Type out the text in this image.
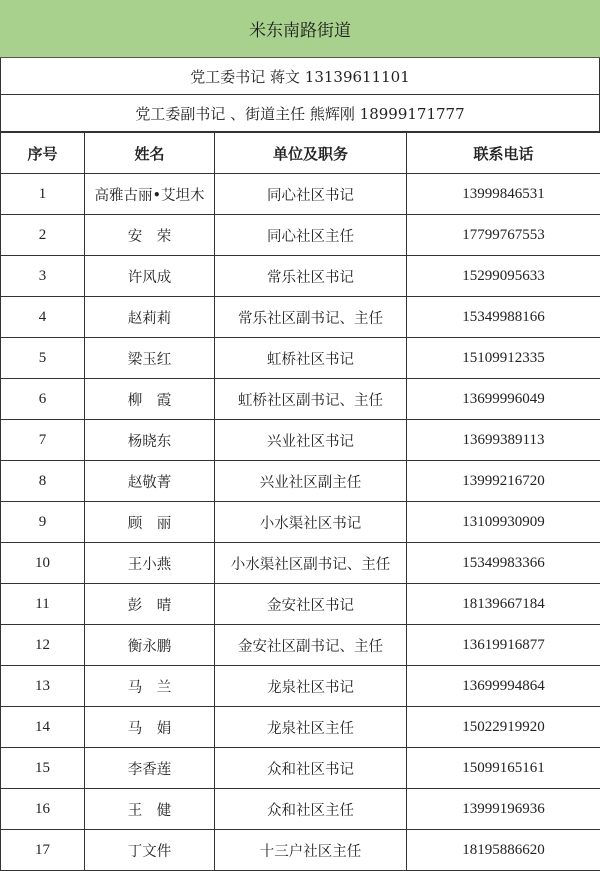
米东南路街道
党工委书记 蒋文 13139611101
党工委副书记 、街道主任 熊辉刚 18999171777
序号	姓名	单位及职务	联系电话
1	高雅古丽•艾坦木	同心社区书记	13999846531
2	安　荣	同心社区主任	17799767553
3	许风成	常乐社区书记	15299095633
4	赵莉莉	常乐社区副书记、主任	15349988166
5	梁玉红	虹桥社区书记	15109912335
6	柳　霞	虹桥社区副书记、主任	13699996049
7	杨晓东	兴业社区书记	13699389113
8	赵敬菁	兴业社区副主任	13999216720
9	顾　丽	小水渠社区书记	13109930909
10	王小燕	小水渠社区副书记、主任	15349983366
11	彭　晴	金安社区书记	18139667184
12	衡永鹏	金安社区副书记、主任	13619916877
13	马　兰	龙泉社区书记	13699994864
14	马　娟	龙泉社区主任	15022919920
15	李香莲	众和社区书记	15099165161
16	王　健	众和社区主任	13999196936
17	丁文件	十三户社区主任	18195886620
